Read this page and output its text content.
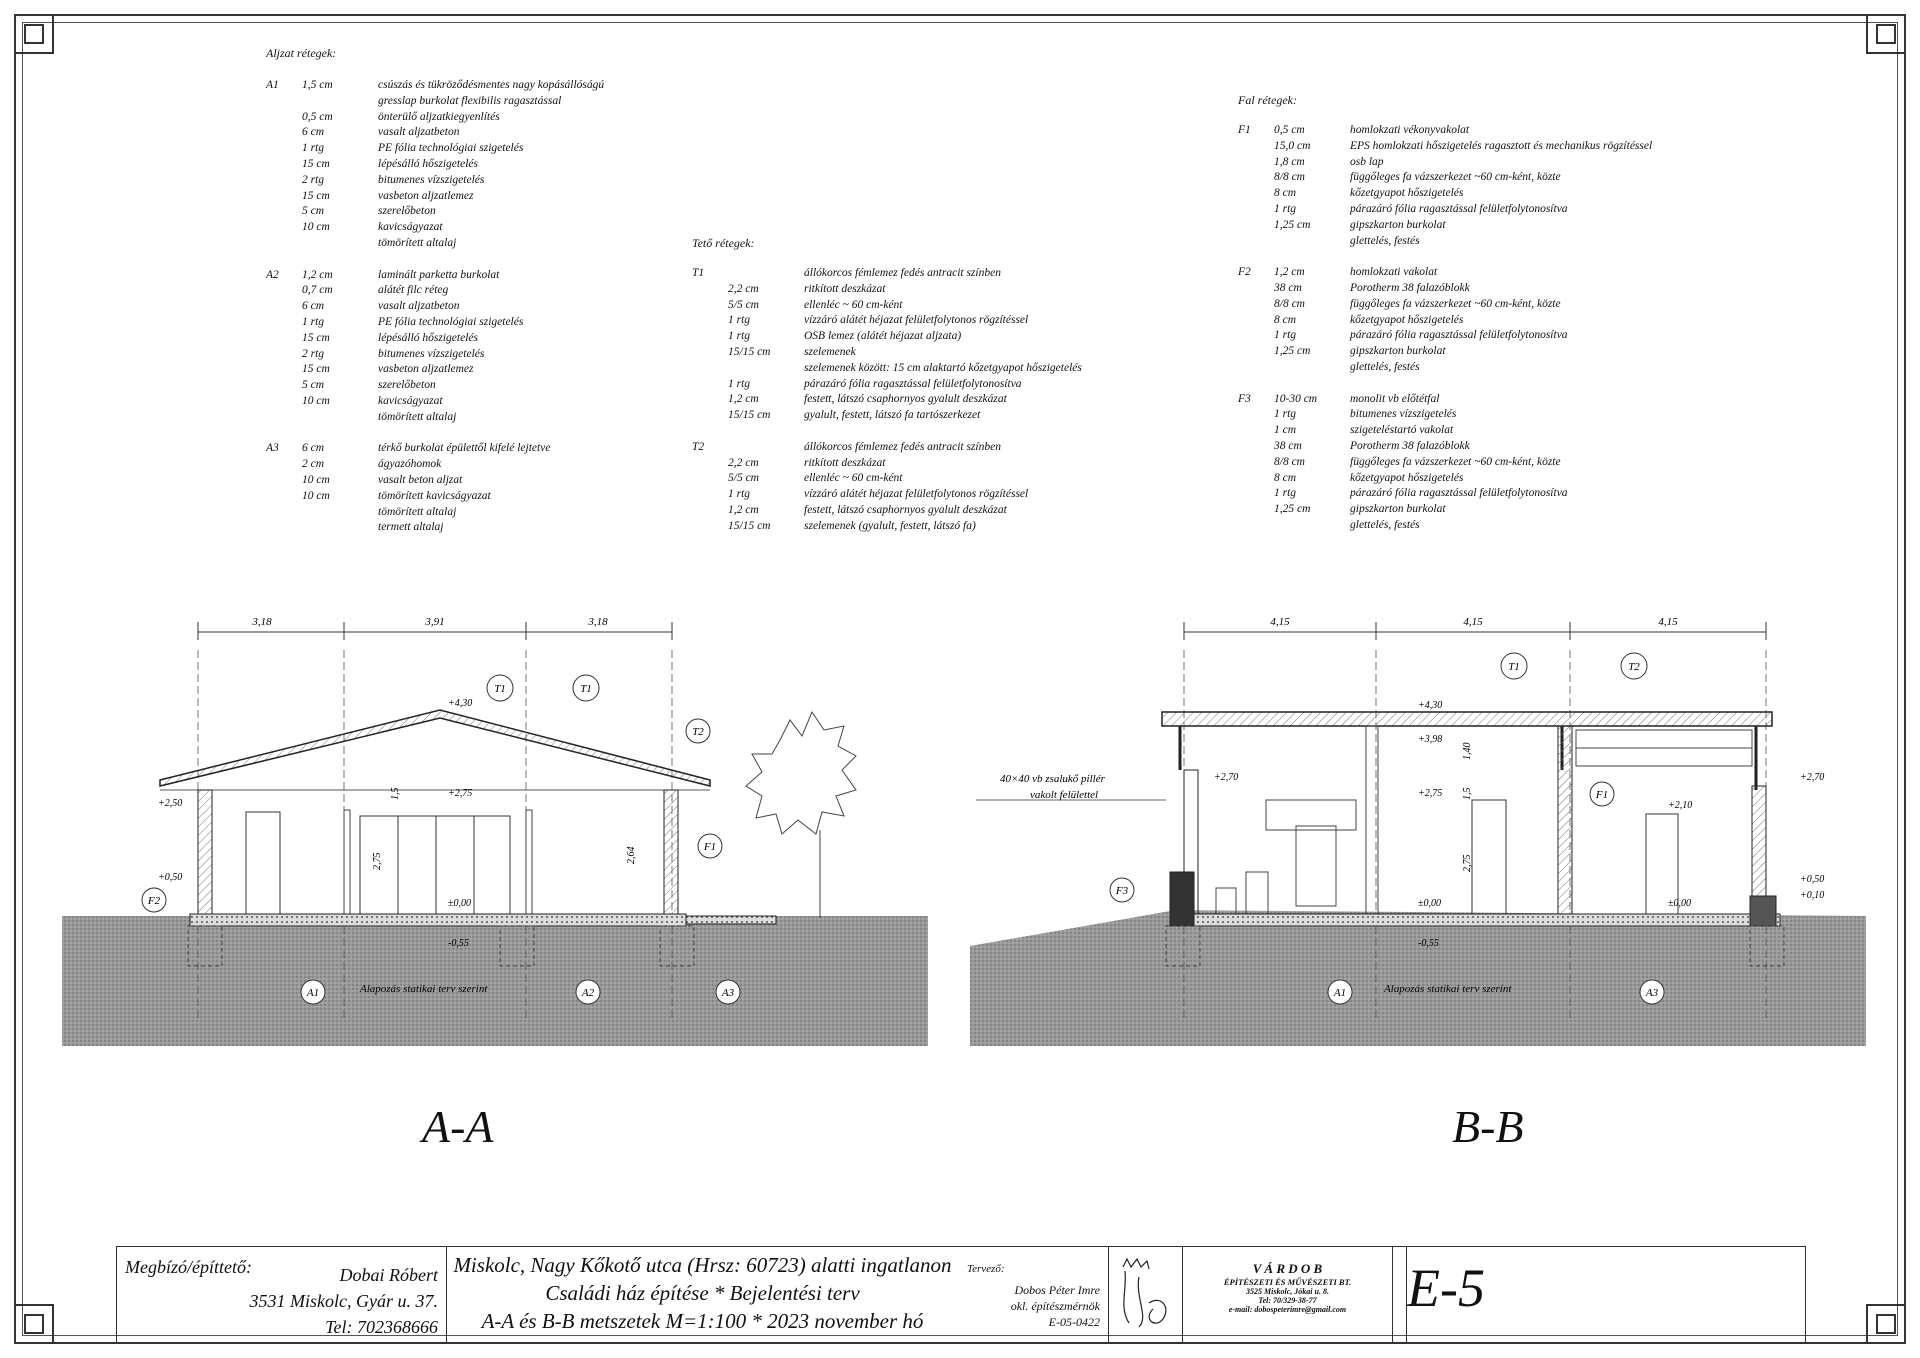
Aljzat rétegek:
A1	1,5 cm	csúszás és tükröződésmentes nagy kopásállóságú
gresslap burkolat flexibilis ragasztással
0,5 cm	önterülő aljzatkiegyenlítés
6 cm	vasalt aljzatbeton
1 rtg	PE fólia technológiai szigetelés
15 cm	lépésálló hőszigetelés
2 rtg	bitumenes vízszigetelés
15 cm	vasbeton aljzatlemez
5 cm	szerelőbeton
10 cm	kavicságyazat
tömörített altalaj
A2	1,2 cm	laminált parketta burkolat
0,7 cm	alátét filc réteg
6 cm	vasalt aljzatbeton
1 rtg	PE fólia technológiai szigetelés
15 cm	lépésálló hőszigetelés
2 rtg	bitumenes vízszigetelés
15 cm	vasbeton aljzatlemez
5 cm	szerelőbeton
10 cm	kavicságyazat
tömörített altalaj
A3	6 cm	térkő burkolat épülettől kifelé lejtetve
2 cm	ágyazóhomok
10 cm	vasalt beton aljzat
10 cm	tömörített kavicságyazat
tömörített altalaj
termett altalaj
Tető rétegek:
T1	állókorcos fémlemez fedés antracit színben
2,2 cm	ritkított deszkázat
5/5 cm	ellenléc ~ 60 cm-ként
1 rtg	vízzáró alátét héjazat felületfolytonos rögzítéssel
1 rtg	OSB lemez (alátét héjazat aljzata)
15/15 cm	szelemenek
szelemenek között: 15 cm alaktartó kőzetgyapot hőszigetelés
1 rtg	párazáró fólia ragasztással felületfolytonosítva
1,2 cm	festett, látszó csaphornyos gyalult deszkázat
15/15 cm	gyalult, festett, látszó fa tartószerkezet
T2	állókorcos fémlemez fedés antracit színben
2,2 cm	ritkított deszkázat
5/5 cm	ellenléc ~ 60 cm-ként
1 rtg	vízzáró alátét héjazat felületfolytonos rögzítéssel
1,2 cm	festett, látszó csaphornyos gyalult deszkázat
15/15 cm	szelemenek (gyalult, festett, látszó fa)
Fal rétegek:
F1	0,5 cm	homlokzati vékonyvakolat
15,0 cm	EPS homlokzati hőszigetelés ragasztott és mechanikus rögzítéssel
1,8 cm	osb lap
8/8 cm	függőleges fa vázszerkezet ~60 cm-ként, közte
8 cm	kőzetgyapot hőszigetelés
1 rtg	párazáró fólia ragasztással felületfolytonosítva
1,25 cm	gipszkarton burkolat
glettelés, festés
F2	1,2 cm	homlokzati vakolat
38 cm	Porotherm 38 falazóblokk
8/8 cm	függőleges fa vázszerkezet ~60 cm-ként, közte
8 cm	kőzetgyapot hőszigetelés
1 rtg	párazáró fólia ragasztással felületfolytonosítva
1,25 cm	gipszkarton burkolat
glettelés, festés
F3	10-30 cm	monolit vb előtétfal
1 rtg	bitumenes vízszigetelés
1 cm	szigeteléstartó vakolat
38 cm	Porotherm 38 falazóblokk
8/8 cm	függőleges fa vázszerkezet ~60 cm-ként, közte
8 cm	kőzetgyapot hőszigetelés
1 rtg	párazáró fólia ragasztással felületfolytonosítva
1,25 cm	gipszkarton burkolat
glettelés, festés
3,18	3,91	3,18
+4,30
+2,75
+2,50
+0,50
±0,00
-0,55
1,5
2,75	2,64
T1	T1
T2
F1
F2
A1	A2	A3
Alapozás statikai terv szerint
4,15	4,15	4,15
+4,30
+3,98
+2,70
+2,75
+2,70
+2,10
±0,00	±0,00
-0,55
+0,50
+0,10
1,40
1,5
2,75
40×40 vb zsalukő pillér
vakolt felülettel
T1	T2
F1
F3
A1	A3
Alapozás statikai terv szerint
A-A	B-B
Megbízó/építtető:	Dobai Róbert
3531 Miskolc, Gyár u. 37.
Tel: 702368666
Miskolc, Nagy Kőkotő utca (Hrsz: 60723) alatti ingatlanon
Családi ház építése * Bejelentési terv
A-A és B-B metszetek M=1:100 * 2023 november hó
Tervező:
Dobos Péter Imre
okl. építészmérnök
E-05-0422
V Á R D O B
ÉPÍTÉSZETI ÉS MŰVÉSZETI BT.
3525 Miskolc, Jókai u. 8.
Tel: 70/329-38-77
e-mail: dobospeterimre@gmail.com	E-5
